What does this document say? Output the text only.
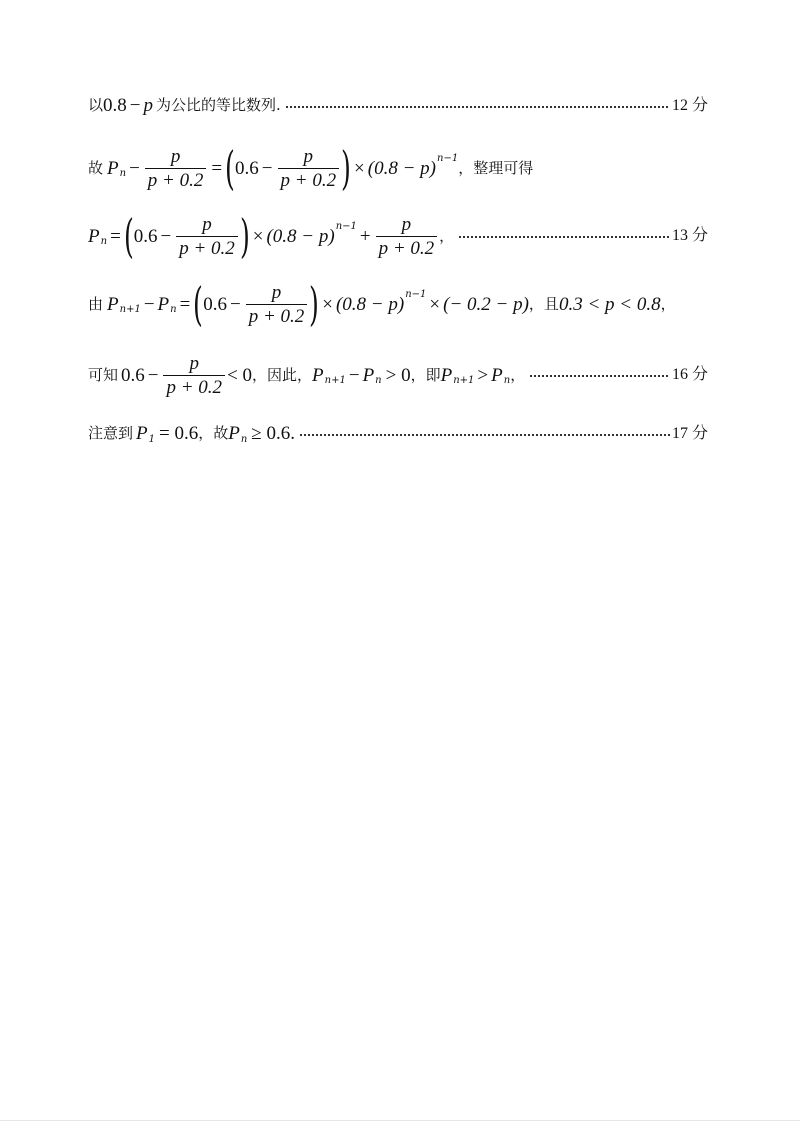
以 0.8 − p 为公比的等比数列.	12 分
故 P $n - \frac{p}{p + 0.2}$ = ( $0.6 - \frac{p}{p + 0.2}$ ) × (0.8 − p) n−1 ，整理可得
P n = ( $0.6 - \frac{p}{p + 0.2}$ ) × (0.8 − p) $n-1 + \frac{p}{p + 0.2}$ ，	13 分
由 P n+1 − P n = ( $0.6 - \frac{p}{p + 0.2}$ ) × (0.8 − p) n−1 × (− 0.2 − p) ，且 0.3 < p < 0.8 ，
可知 $0.6 - \frac{p}{p + 0.2} < 0$ ，因此， P n+1 − P n > 0 ，即 P n+1 > P n ，	16 分
注意到 P 1 = 0.6 ，故 P n ≥ 0.6 .	17 分
